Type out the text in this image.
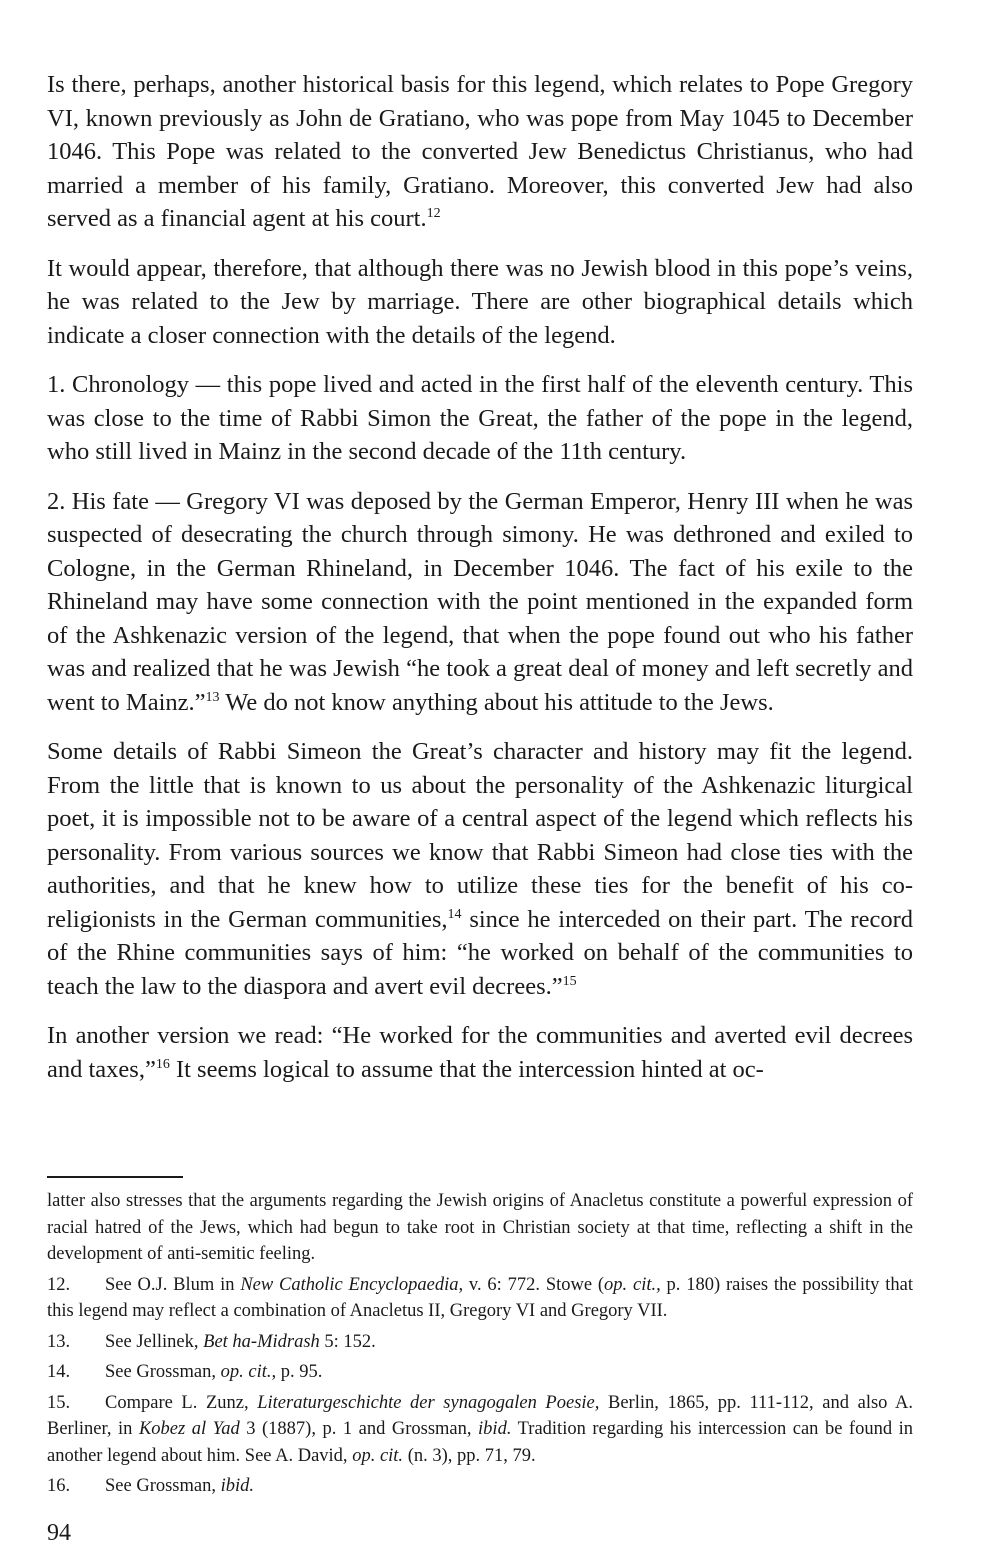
Is there, perhaps, another historical basis for this legend, which relates to Pope Gregory VI, known previously as John de Gratiano, who was pope from May 1045 to December 1046. This Pope was related to the converted Jew Benedictus Christianus, who had married a member of his family, Gratiano. Moreover, this converted Jew had also served as a financial agent at his court.$^{12}$

It would appear, therefore, that although there was no Jewish blood in this pope’s veins, he was related to the Jew by marriage. There are other biographical details which indicate a closer connection with the details of the legend.

1. Chronology — this pope lived and acted in the first half of the eleventh century. This was close to the time of Rabbi Simon the Great, the father of the pope in the legend, who still lived in Mainz in the second decade of the 11th century.

2. His fate — Gregory VI was deposed by the German Emperor, Henry III when he was suspected of desecrating the church through simony. He was dethroned and exiled to Cologne, in the German Rhineland, in December 1046. The fact of his exile to the Rhineland may have some connection with the point mentioned in the expanded form of the Ashkenazic version of the legend, that when the pope found out who his father was and realized that he was Jewish “he took a great deal of money and left secretly and went to Mainz.”$^{13}$ We do not know anything about his attitude to the Jews.

Some details of Rabbi Simeon the Great’s character and history may fit the legend. From the little that is known to us about the personality of the Ashkenazic liturgical poet, it is impossible not to be aware of a central aspect of the legend which reflects his personality. From various sources we know that Rabbi Simeon had close ties with the authorities, and that he knew how to utilize these ties for the benefit of his co-religionists in the German communities,$^{14}$ since he interceded on their part. The record of the Rhine communities says of him: “he worked on behalf of the communities to teach the law to the diaspora and avert evil decrees.”$^{15}$

In another version we read: “He worked for the communities and averted evil decrees and taxes,”$^{16}$ It seems logical to assume that the intercession hinted at oc-

latter also stresses that the arguments regarding the Jewish origins of Anacletus constitute a powerful expression of racial hatred of the Jews, which had begun to take root in Christian society at that time, reflecting a shift in the development of anti-semitic feeling.

12. See O.J. Blum in New Catholic Encyclopaedia, v. 6: 772. Stowe (op. cit., p. 180) raises the possibility that this legend may reflect a combination of Anacletus II, Gregory VI and Gregory VII.

13. See Jellinek, Bet ha-Midrash 5: 152.

14. See Grossman, op. cit., p. 95.

15. Compare L. Zunz, Literaturgeschichte der synagogalen Poesie, Berlin, 1865, pp. 111-112, and also A. Berliner, in Kobez al Yad 3 (1887), p. 1 and Grossman, ibid. Tradition regarding his intercession can be found in another legend about him. See A. David, op. cit. (n. 3), pp. 71, 79.

16. See Grossman, ibid.

94
